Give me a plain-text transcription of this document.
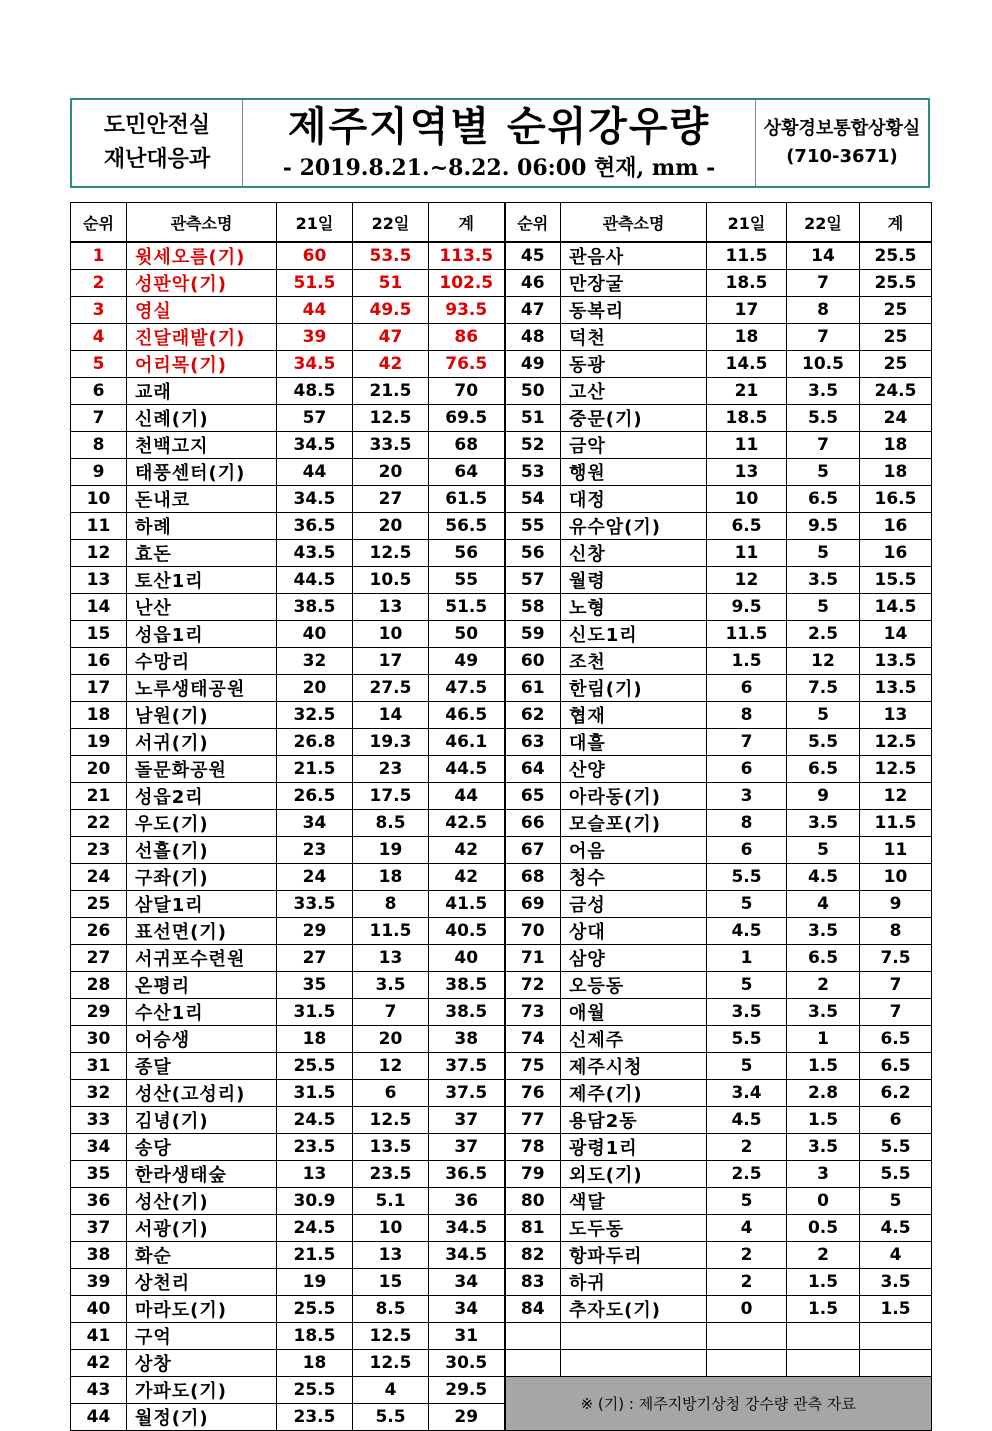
도민안전실
재난대응과
제주지역별 순위강우량
- 2019.8.21.~8.22. 06:00 현재, mm -
상황경보통합상황실
(710-3671)
순위	관측소명	21일	22일	계	순위	관측소명	21일	22일	계
1	윗세오름(기)	60	53.5	113.5	45	관음사	11.5	14	25.5
2	성판악(기)	51.5	51	102.5	46	만장굴	18.5	7	25.5
3	영실	44	49.5	93.5	47	동복리	17	8	25
4	진달래밭(기)	39	47	86	48	덕천	18	7	25
5	어리목(기)	34.5	42	76.5	49	동광	14.5	10.5	25
6	교래	48.5	21.5	70	50	고산	21	3.5	24.5
7	신례(기)	57	12.5	69.5	51	중문(기)	18.5	5.5	24
8	천백고지	34.5	33.5	68	52	금악	11	7	18
9	태풍센터(기)	44	20	64	53	행원	13	5	18
10	돈내코	34.5	27	61.5	54	대정	10	6.5	16.5
11	하례	36.5	20	56.5	55	유수암(기)	6.5	9.5	16
12	효돈	43.5	12.5	56	56	신창	11	5	16
13	토산1리	44.5	10.5	55	57	월령	12	3.5	15.5
14	난산	38.5	13	51.5	58	노형	9.5	5	14.5
15	성읍1리	40	10	50	59	신도1리	11.5	2.5	14
16	수망리	32	17	49	60	조천	1.5	12	13.5
17	노루생태공원	20	27.5	47.5	61	한림(기)	6	7.5	13.5
18	남원(기)	32.5	14	46.5	62	협재	8	5	13
19	서귀(기)	26.8	19.3	46.1	63	대흘	7	5.5	12.5
20	돌문화공원	21.5	23	44.5	64	산양	6	6.5	12.5
21	성읍2리	26.5	17.5	44	65	아라동(기)	3	9	12
22	우도(기)	34	8.5	42.5	66	모슬포(기)	8	3.5	11.5
23	선흘(기)	23	19	42	67	어음	6	5	11
24	구좌(기)	24	18	42	68	청수	5.5	4.5	10
25	삼달1리	33.5	8	41.5	69	금성	5	4	9
26	표선면(기)	29	11.5	40.5	70	상대	4.5	3.5	8
27	서귀포수련원	27	13	40	71	삼양	1	6.5	7.5
28	온평리	35	3.5	38.5	72	오등동	5	2	7
29	수산1리	31.5	7	38.5	73	애월	3.5	3.5	7
30	어승생	18	20	38	74	신제주	5.5	1	6.5
31	종달	25.5	12	37.5	75	제주시청	5	1.5	6.5
32	성산(고성리)	31.5	6	37.5	76	제주(기)	3.4	2.8	6.2
33	김녕(기)	24.5	12.5	37	77	용담2동	4.5	1.5	6
34	송당	23.5	13.5	37	78	광령1리	2	3.5	5.5
35	한라생태숲	13	23.5	36.5	79	외도(기)	2.5	3	5.5
36	성산(기)	30.9	5.1	36	80	색달	5	0	5
37	서광(기)	24.5	10	34.5	81	도두동	4	0.5	4.5
38	화순	21.5	13	34.5	82	항파두리	2	2	4
39	상천리	19	15	34	83	하귀	2	1.5	3.5
40	마라도(기)	25.5	8.5	34	84	추자도(기)	0	1.5	1.5
41	구억	18.5	12.5	31					
42	상창	18	12.5	30.5					
43	가파도(기)	25.5	4	29.5	※ (기) : 제주지방기상청 강수량 관측 자료				
44	월정(기)	23.5	5.5	29					
